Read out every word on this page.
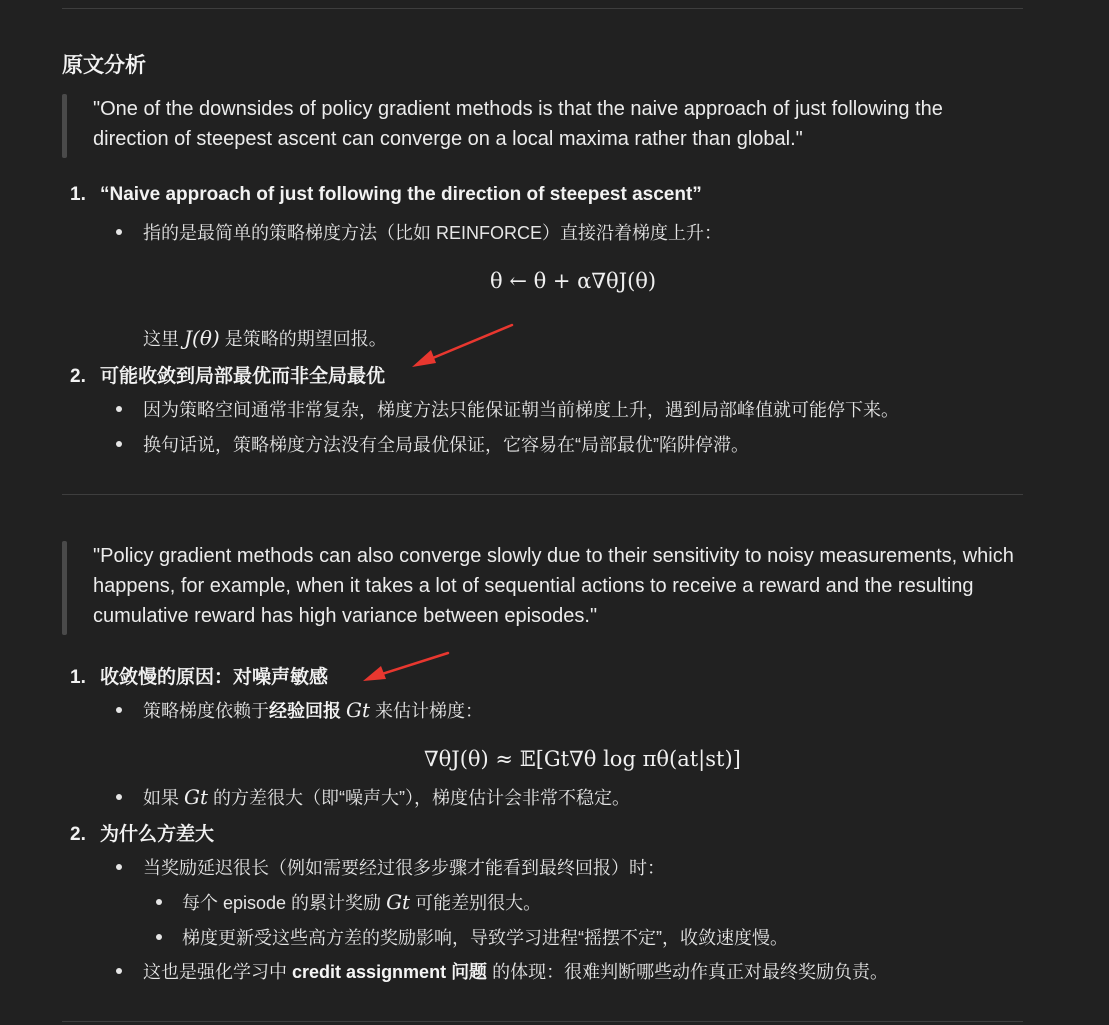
原文分析
"One of the downsides of policy gradient methods is that the naive approach of just following the direction of steepest ascent can converge on a local maxima rather than global."
1. “Naive approach of just following the direction of steepest ascent”
指的是最简单的策略梯度方法（比如 REINFORCE）直接沿着梯度上升：
θ ← θ + α∇θJ(θ)
这里 J(θ) 是策略的期望回报。
2. 可能收敛到局部最优而非全局最优
因为策略空间通常非常复杂，梯度方法只能保证朝当前梯度上升，遇到局部峰值就可能停下来。
换句话说，策略梯度方法没有全局最优保证，它容易在“局部最优”陷阱停滞。
"Policy gradient methods can also converge slowly due to their sensitivity to noisy measurements, which happens, for example, when it takes a lot of sequential actions to receive a reward and the resulting cumulative reward has high variance between episodes."
1. 收敛慢的原因：对噪声敏感
策略梯度依赖于经验回报 Gt 来估计梯度：
∇θJ(θ) ≈ 𝔼[Gt∇θ log πθ(at|st)]
如果 Gt 的方差很大（即“噪声大”），梯度估计会非常不稳定。
2. 为什么方差大
当奖励延迟很长（例如需要经过很多步骤才能看到最终回报）时：
每个 episode 的累计奖励 Gt 可能差别很大。
梯度更新受这些高方差的奖励影响，导致学习进程“摇摆不定”，收敛速度慢。
这也是强化学习中 credit assignment 问题 的体现：很难判断哪些动作真正对最终奖励负责。
